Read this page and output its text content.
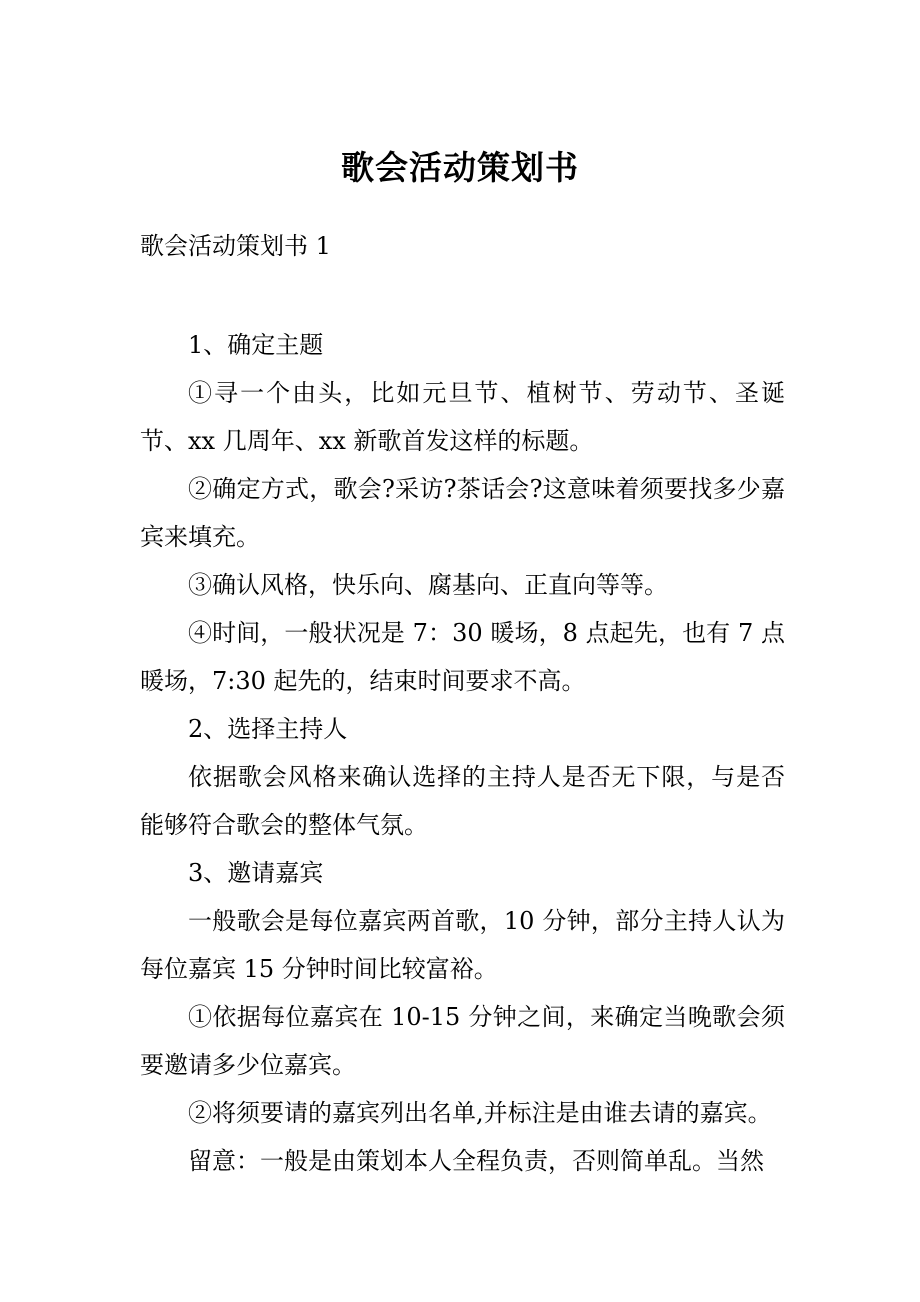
歌会活动策划书

歌会活动策划书 1

1、确定主题

①寻一个由头，比如元旦节、植树节、劳动节、圣诞节、xx 几周年、xx 新歌首发这样的标题。

②确定方式，歌会?采访?茶话会?这意味着须要找多少嘉宾来填充。

③确认风格，快乐向、腐基向、正直向等等。

④时间，一般状况是 7：30 暖场，8 点起先，也有 7 点暖场，7:30 起先的，结束时间要求不高。

2、选择主持人

依据歌会风格来确认选择的主持人是否无下限，与是否能够符合歌会的整体气氛。

3、邀请嘉宾

一般歌会是每位嘉宾两首歌，10 分钟，部分主持人认为每位嘉宾 15 分钟时间比较富裕。

①依据每位嘉宾在 10-15 分钟之间，来确定当晚歌会须要邀请多少位嘉宾。

②将须要请的嘉宾列出名单,并标注是由谁去请的嘉宾。

留意：一般是由策划本人全程负责，否则简单乱。当然
